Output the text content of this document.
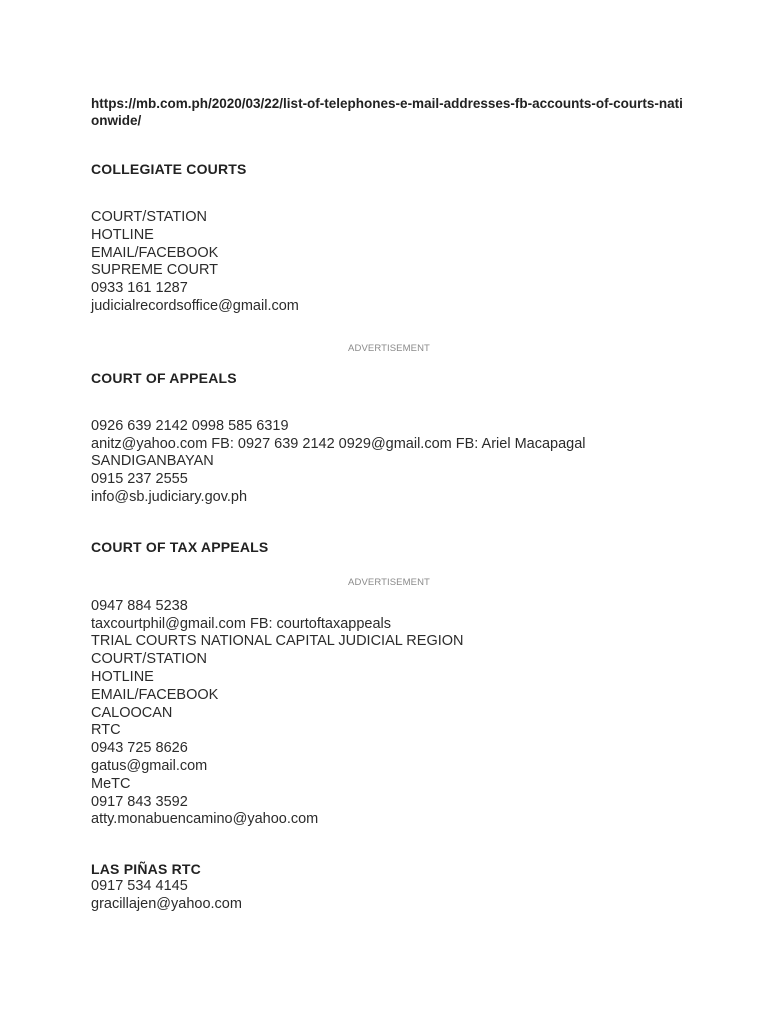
https://mb.com.ph/2020/03/22/list-of-telephones-e-mail-addresses-fb-accounts-of-courts-nationwide/
COLLEGIATE COURTS
COURT/STATION
HOTLINE
EMAIL/FACEBOOK
SUPREME COURT
0933 161 1287
judicialrecordsoffice@gmail.com
ADVERTISEMENT
COURT OF APPEALS
0926 639 2142 0998 585 6319
anitz@yahoo.com FB: 0927 639 2142 0929@gmail.com FB: Ariel Macapagal
SANDIGANBAYAN
0915 237 2555
info@sb.judiciary.gov.ph
COURT OF TAX APPEALS
ADVERTISEMENT
0947 884 5238
taxcourtphil@gmail.com FB: courtoftaxappeals
TRIAL COURTS NATIONAL CAPITAL JUDICIAL REGION
COURT/STATION
HOTLINE
EMAIL/FACEBOOK
CALOOCAN
RTC
0943 725 8626
gatus@gmail.com
MeTC
0917 843 3592
atty.monabuencamino@yahoo.com
LAS PIÑAS RTC
0917 534 4145
gracillajen@yahoo.com
